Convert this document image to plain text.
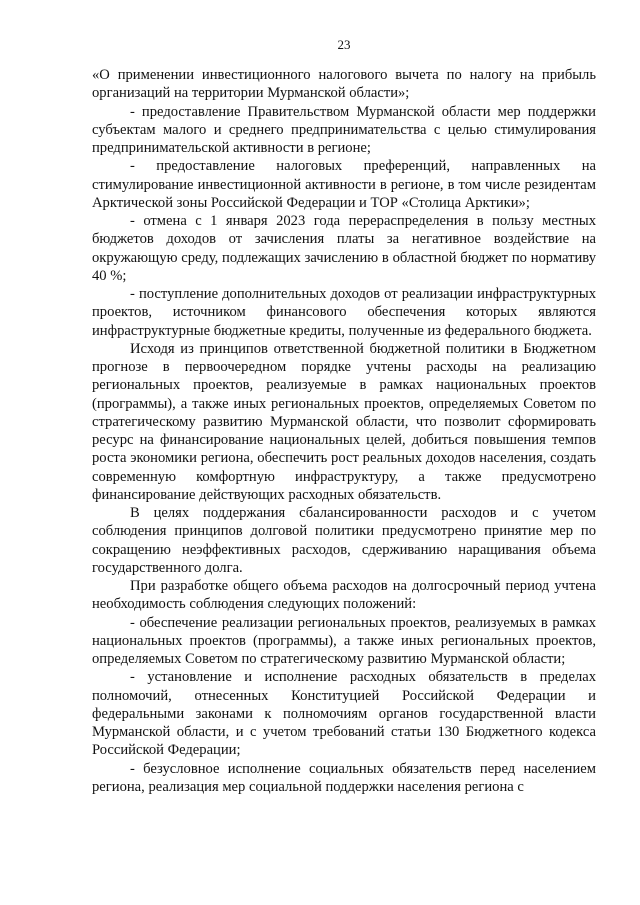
23

«О применении инвестиционного налогового вычета по налогу на прибыль организаций на территории Мурманской области»;

- предоставление Правительством Мурманской области мер поддержки субъектам малого и среднего предпринимательства с целью стимулирования предпринимательской активности в регионе;

- предоставление налоговых преференций, направленных на стимулирование инвестиционной активности в регионе, в том числе резидентам Арктической зоны Российской Федерации и ТОР «Столица Арктики»;

- отмена с 1 января 2023 года перераспределения в пользу местных бюджетов доходов от зачисления платы за негативное воздействие на окружающую среду, подлежащих зачислению в областной бюджет по нормативу 40 %;

- поступление дополнительных доходов от реализации инфраструктурных проектов, источником финансового обеспечения которых являются инфраструктурные бюджетные кредиты, полученные из федерального бюджета.

Исходя из принципов ответственной бюджетной политики в Бюджетном прогнозе в первоочередном порядке учтены расходы на реализацию региональных проектов, реализуемые в рамках национальных проектов (программы), а также иных региональных проектов, определяемых Советом по стратегическому развитию Мурманской области, что позволит сформировать ресурс на финансирование национальных целей, добиться повышения темпов роста экономики региона, обеспечить рост реальных доходов населения, создать современную комфортную инфраструктуру, а также предусмотрено финансирование действующих расходных обязательств.

В целях поддержания сбалансированности расходов и с учетом соблюдения принципов долговой политики предусмотрено принятие мер по сокращению неэффективных расходов, сдерживанию наращивания объема государственного долга.

При разработке общего объема расходов на долгосрочный период учтена необходимость соблюдения следующих положений:

- обеспечение реализации региональных проектов, реализуемых в рамках национальных проектов (программы), а также иных региональных проектов, определяемых Советом по стратегическому развитию Мурманской области;

- установление и исполнение расходных обязательств в пределах полномочий, отнесенных Конституцией Российской Федерации и федеральными законами к полномочиям органов государственной власти Мурманской области, и с учетом требований статьи 130 Бюджетного кодекса Российской Федерации;

- безусловное исполнение социальных обязательств перед населением региона, реализация мер социальной поддержки населения региона с
